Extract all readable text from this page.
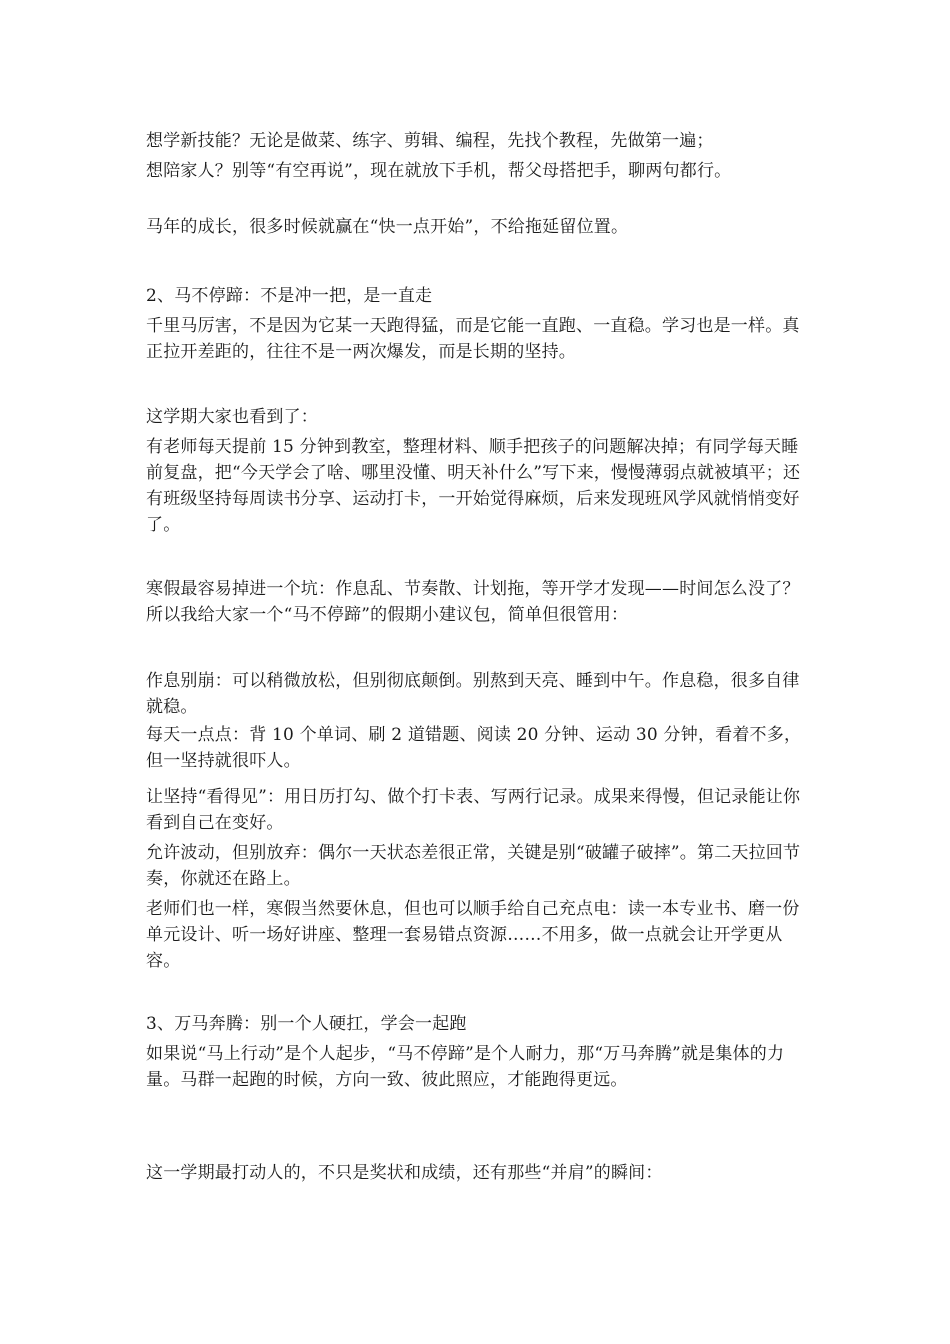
想学新技能？无论是做菜、练字、剪辑、编程，先找个教程，先做第一遍；

想陪家人？别等“有空再说”，现在就放下手机，帮父母搭把手，聊两句都行。

马年的成长，很多时候就赢在“快一点开始”，不给拖延留位置。

2、马不停蹄：不是冲一把，是一直走

千里马厉害，不是因为它某一天跑得猛，而是它能一直跑、一直稳。学习也是一样。真正拉开差距的，往往不是一两次爆发，而是长期的坚持。

这学期大家也看到了：

有老师每天提前 15 分钟到教室，整理材料、顺手把孩子的问题解决掉；有同学每天睡前复盘，把“今天学会了啥、哪里没懂、明天补什么”写下来，慢慢薄弱点就被填平；还有班级坚持每周读书分享、运动打卡，一开始觉得麻烦，后来发现班风学风就悄悄变好了。

寒假最容易掉进一个坑：作息乱、节奏散、计划拖，等开学才发现——时间怎么没了？所以我给大家一个“马不停蹄”的假期小建议包，简单但很管用：

作息别崩：可以稍微放松，但别彻底颠倒。别熬到天亮、睡到中午。作息稳，很多自律就稳。

每天一点点：背 10 个单词、刷 2 道错题、阅读 20 分钟、运动 30 分钟，看着不多，但一坚持就很吓人。

让坚持“看得见”：用日历打勾、做个打卡表、写两行记录。成果来得慢，但记录能让你看到自己在变好。

允许波动，但别放弃：偶尔一天状态差很正常，关键是别“破罐子破摔”。第二天拉回节奏，你就还在路上。

老师们也一样，寒假当然要休息，但也可以顺手给自己充点电：读一本专业书、磨一份单元设计、听一场好讲座、整理一套易错点资源……不用多，做一点就会让开学更从容。

3、万马奔腾：别一个人硬扛，学会一起跑

如果说“马上行动”是个人起步，“马不停蹄”是个人耐力，那“万马奔腾”就是集体的力量。马群一起跑的时候，方向一致、彼此照应，才能跑得更远。

这一学期最打动人的，不只是奖状和成绩，还有那些“并肩”的瞬间：
